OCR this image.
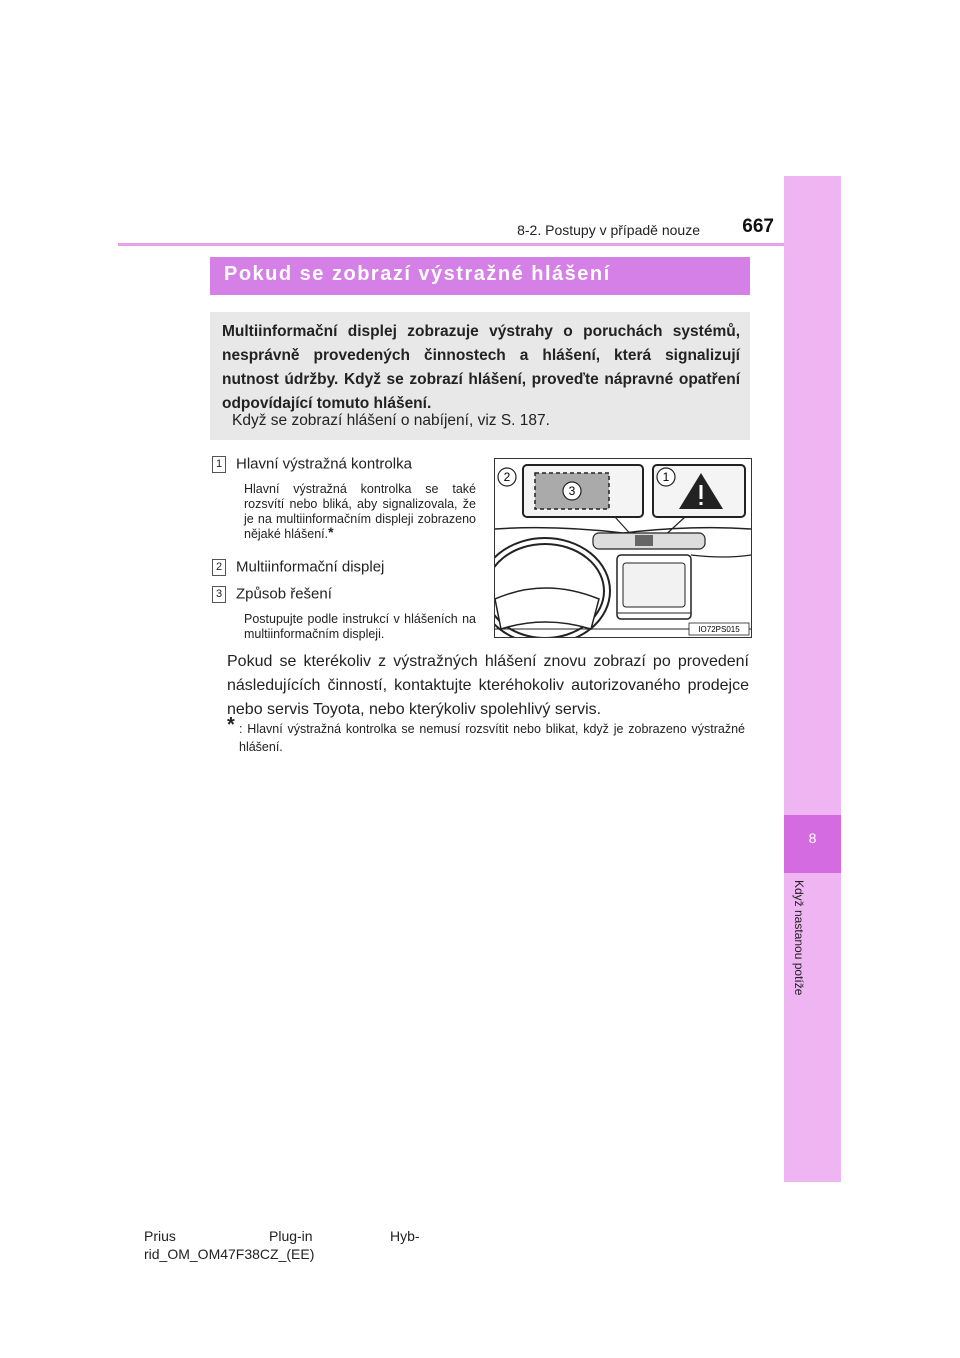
8
Když nastanou potíže
8-2. Postupy v případě nouze	667
Pokud se zobrazí výstražné hlášení
Multiinformační displej zobrazuje výstrahy o poruchách systémů, nesprávně provedených činnostech a hlášení, která signalizují nutnost údržby. Když se zobrazí hlášení, proveďte nápravné opatření odpovídající tomuto hlášení.
Když se zobrazí hlášení o nabíjení, viz S. 187.
1 Hlavní výstražná kontrolka
Hlavní výstražná kontrolka se také rozsvítí nebo bliká, aby signalizovala, že je na multiinformačním displeji zobrazeno nějaké hlášení.*
2 Multiinformační displej
3 Způsob řešení
Postupujte podle instrukcí v hlášeních na multiinformačním displeji.
2
3
1
IO72PS015
Pokud se kterékoliv z výstražných hlášení znovu zobrazí po provedení následujících činností, kontaktujte kteréhokoliv autorizovaného prodejce nebo servis Toyota, nebo kterýkoliv spolehlivý servis.
* : Hlavní výstražná kontrolka se nemusí rozsvítit nebo blikat, když je zobrazeno výstražné hlášení.
Prius	Plug-in	Hyb-
rid_OM_OM47F38CZ_(EE)
